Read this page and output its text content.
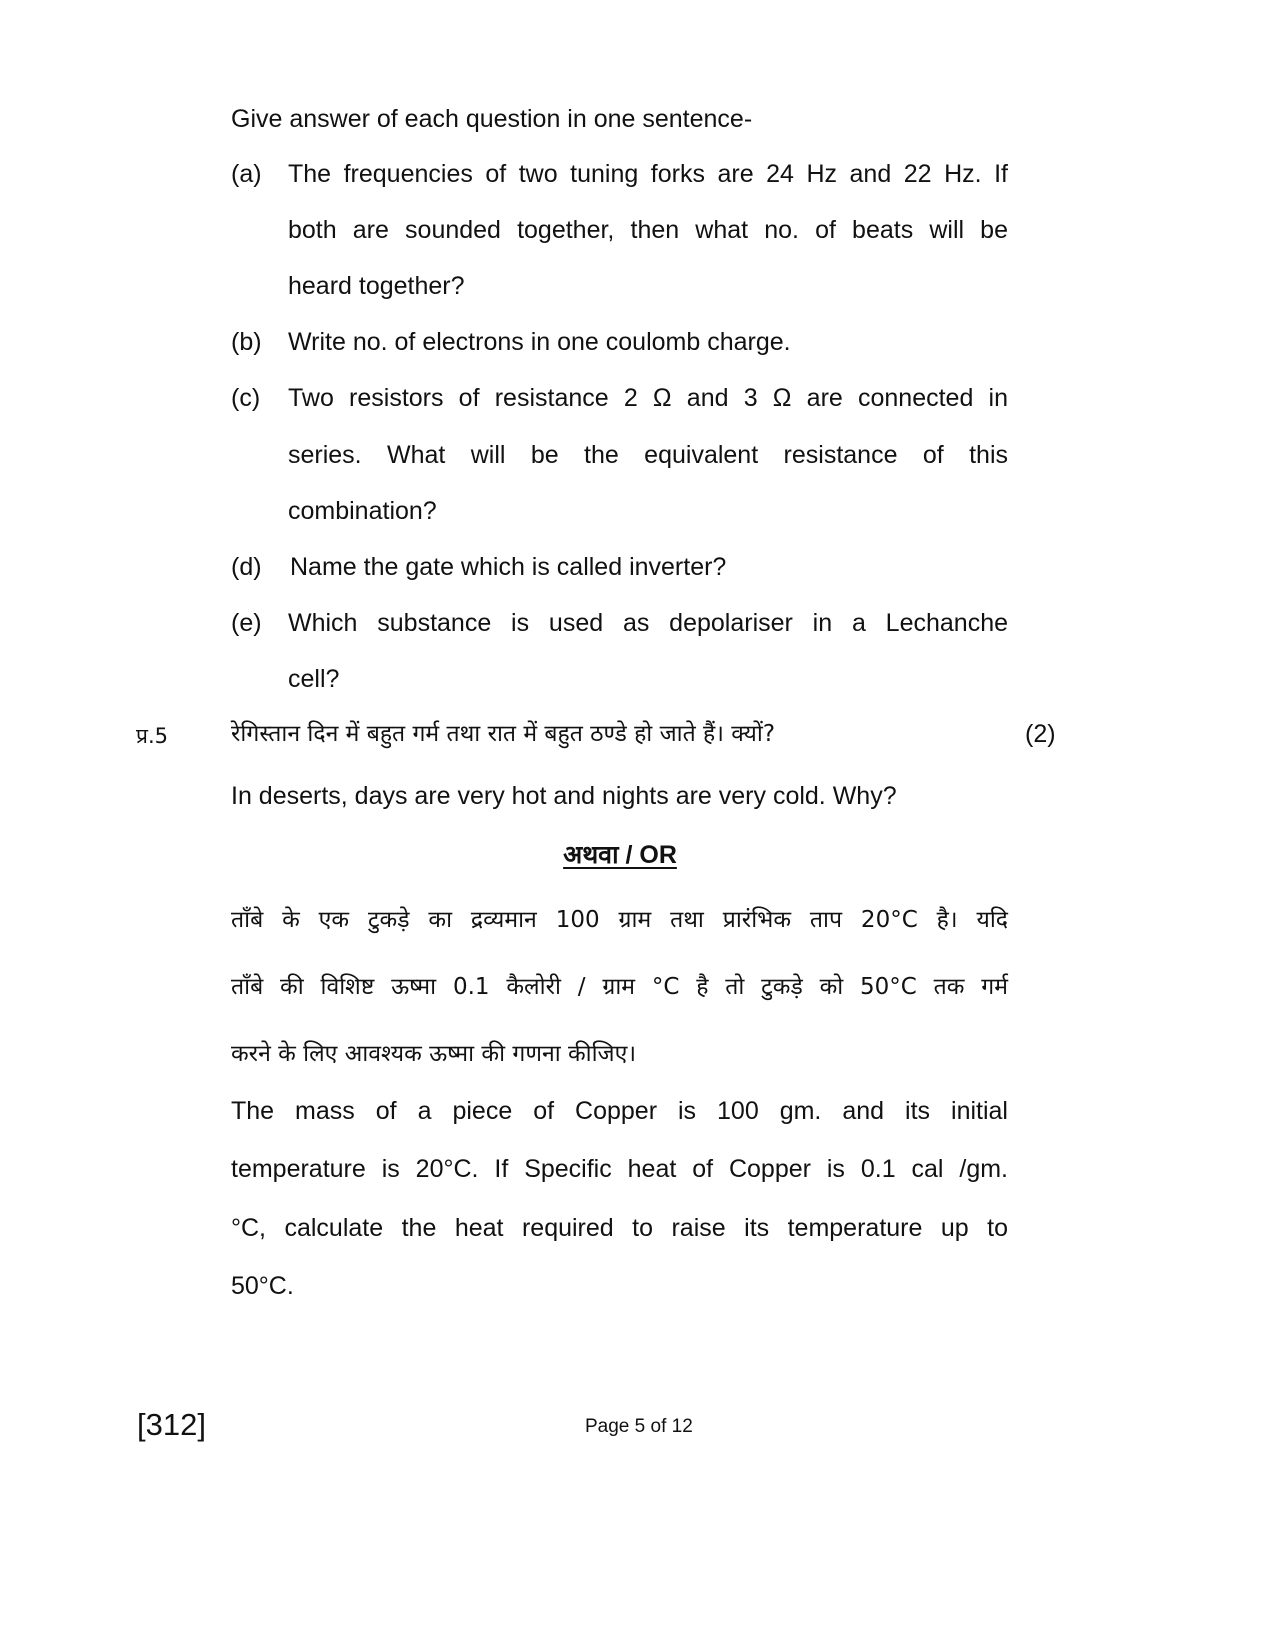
Give answer of each question in one sentence-
(a) The frequencies of two tuning forks are 24 Hz and 22 Hz. If
both are sounded together, then what no. of beats will be
heard together?
(b) Write no. of electrons in one coulomb charge.
(c) Two resistors of resistance 2 Ω and 3 Ω are connected in
series. What will be the equivalent resistance of this
combination?
(d) Name the gate which is called inverter?
(e) Which substance is used as depolariser in a Lechanche
cell?
प्र.5	रेगिस्तान दिन में बहुत गर्म तथा रात में बहुत ठण्डे हो जाते हैं। क्यों?	(2)
In deserts, days are very hot and nights are very cold. Why?
अथवा / OR
ताँबे के एक टुकड़े का द्रव्यमान 100 ग्राम तथा प्रारंभिक ताप 20°C है। यदि
ताँबे की विशिष्ट ऊष्मा 0.1 कैलोरी / ग्राम °C है तो टुकड़े को 50°C तक गर्म
करने के लिए आवश्यक ऊष्मा की गणना कीजिए।
The mass of a piece of Copper is 100 gm. and its initial
temperature is 20°C. If Specific heat of Copper is 0.1 cal /gm.
°C, calculate the heat required to raise its temperature up to
50°C.
[312]	Page 5 of 12
